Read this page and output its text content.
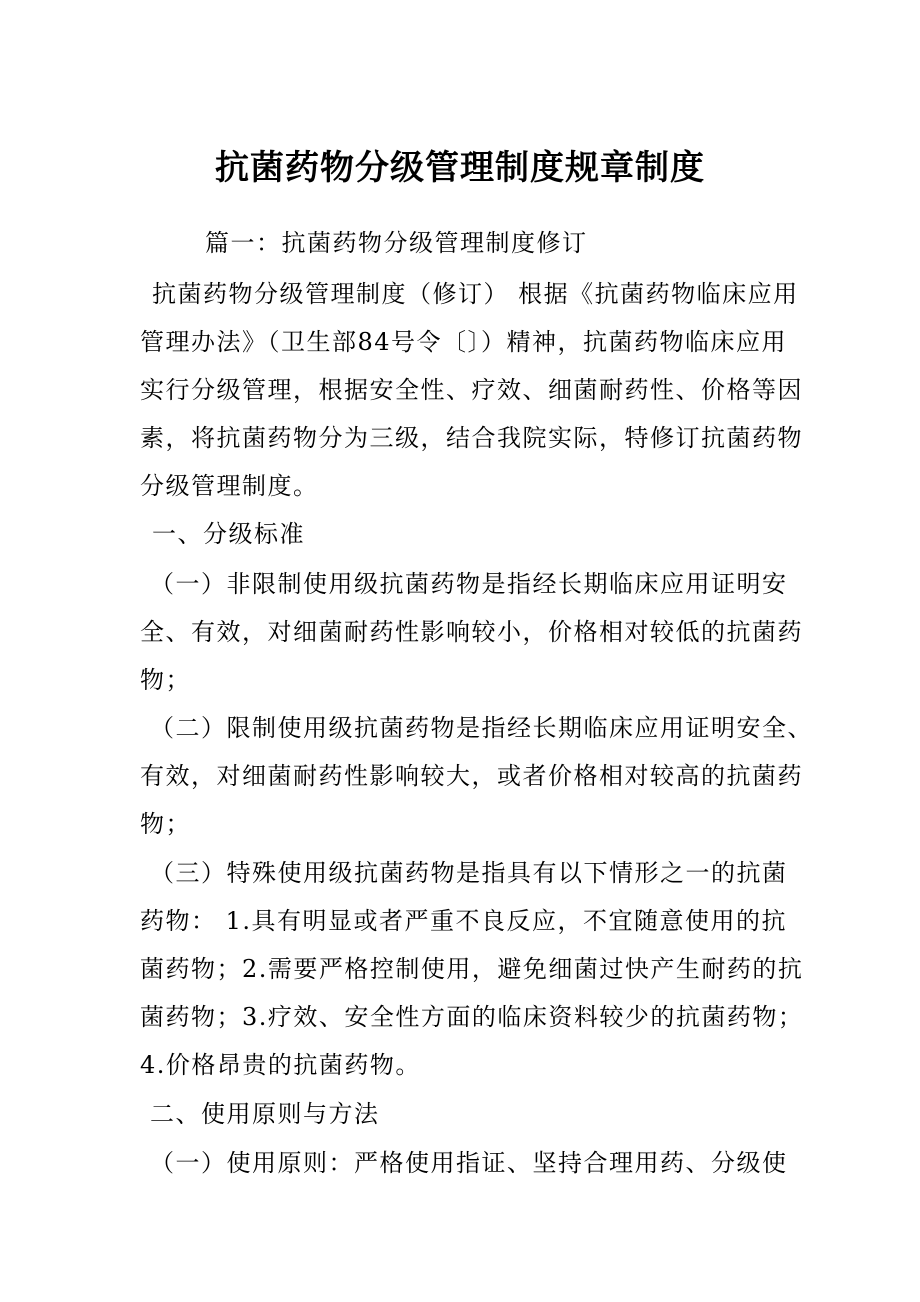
抗菌药物分级管理制度规章制度
篇一：抗菌药物分级管理制度修订
抗菌药物分级管理制度（修订） 根据《抗菌药物临床应用
管理办法》（卫生部84号令〔〕）精神，抗菌药物临床应用
实行分级管理，根据安全性、疗效、细菌耐药性、价格等因
素，将抗菌药物分为三级，结合我院实际，特修订抗菌药物
分级管理制度。
一、分级标准
（一）非限制使用级抗菌药物是指经长期临床应用证明安
全、有效，对细菌耐药性影响较小，价格相对较低的抗菌药
物；
（二）限制使用级抗菌药物是指经长期临床应用证明安全、
有效，对细菌耐药性影响较大，或者价格相对较高的抗菌药
物；
（三）特殊使用级抗菌药物是指具有以下情形之一的抗菌
药物： 1.具有明显或者严重不良反应，不宜随意使用的抗
菌药物；2.需要严格控制使用，避免细菌过快产生耐药的抗
菌药物；3.疗效、安全性方面的临床资料较少的抗菌药物；
4.价格昂贵的抗菌药物。
二、使用原则与方法
（一）使用原则：严格使用指证、坚持合理用药、分级使
